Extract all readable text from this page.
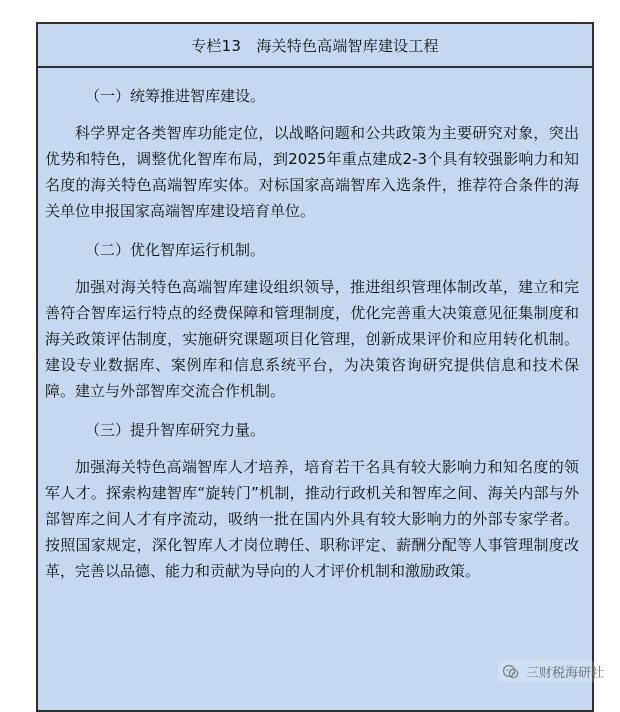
专栏13　海关特色高端智库建设工程

（一）统筹推进智库建设。

科学界定各类智库功能定位，以战略问题和公共政策为主要研究对象，突出优势和特色，调整优化智库布局，到2025年重点建成2-3个具有较强影响力和知名度的海关特色高端智库实体。对标国家高端智库入选条件，推荐符合条件的海关单位申报国家高端智库建设培育单位。

（二）优化智库运行机制。

加强对海关特色高端智库建设组织领导，推进组织管理体制改革，建立和完善符合智库运行特点的经费保障和管理制度，优化完善重大决策意见征集制度和海关政策评估制度，实施研究课题项目化管理，创新成果评价和应用转化机制。建设专业数据库、案例库和信息系统平台，为决策咨询研究提供信息和技术保障。建立与外部智库交流合作机制。

（三）提升智库研究力量。

加强海关特色高端智库人才培养，培育若干名具有较大影响力和知名度的领军人才。探索构建智库“旋转门”机制，推动行政机关和智库之间、海关内部与外部智库之间人才有序流动，吸纳一批在国内外具有较大影响力的外部专家学者。按照国家规定，深化智库人才岗位聘任、职称评定、薪酬分配等人事管理制度改革，完善以品德、能力和贡献为导向的人才评价机制和激励政策。

三财税海研社
